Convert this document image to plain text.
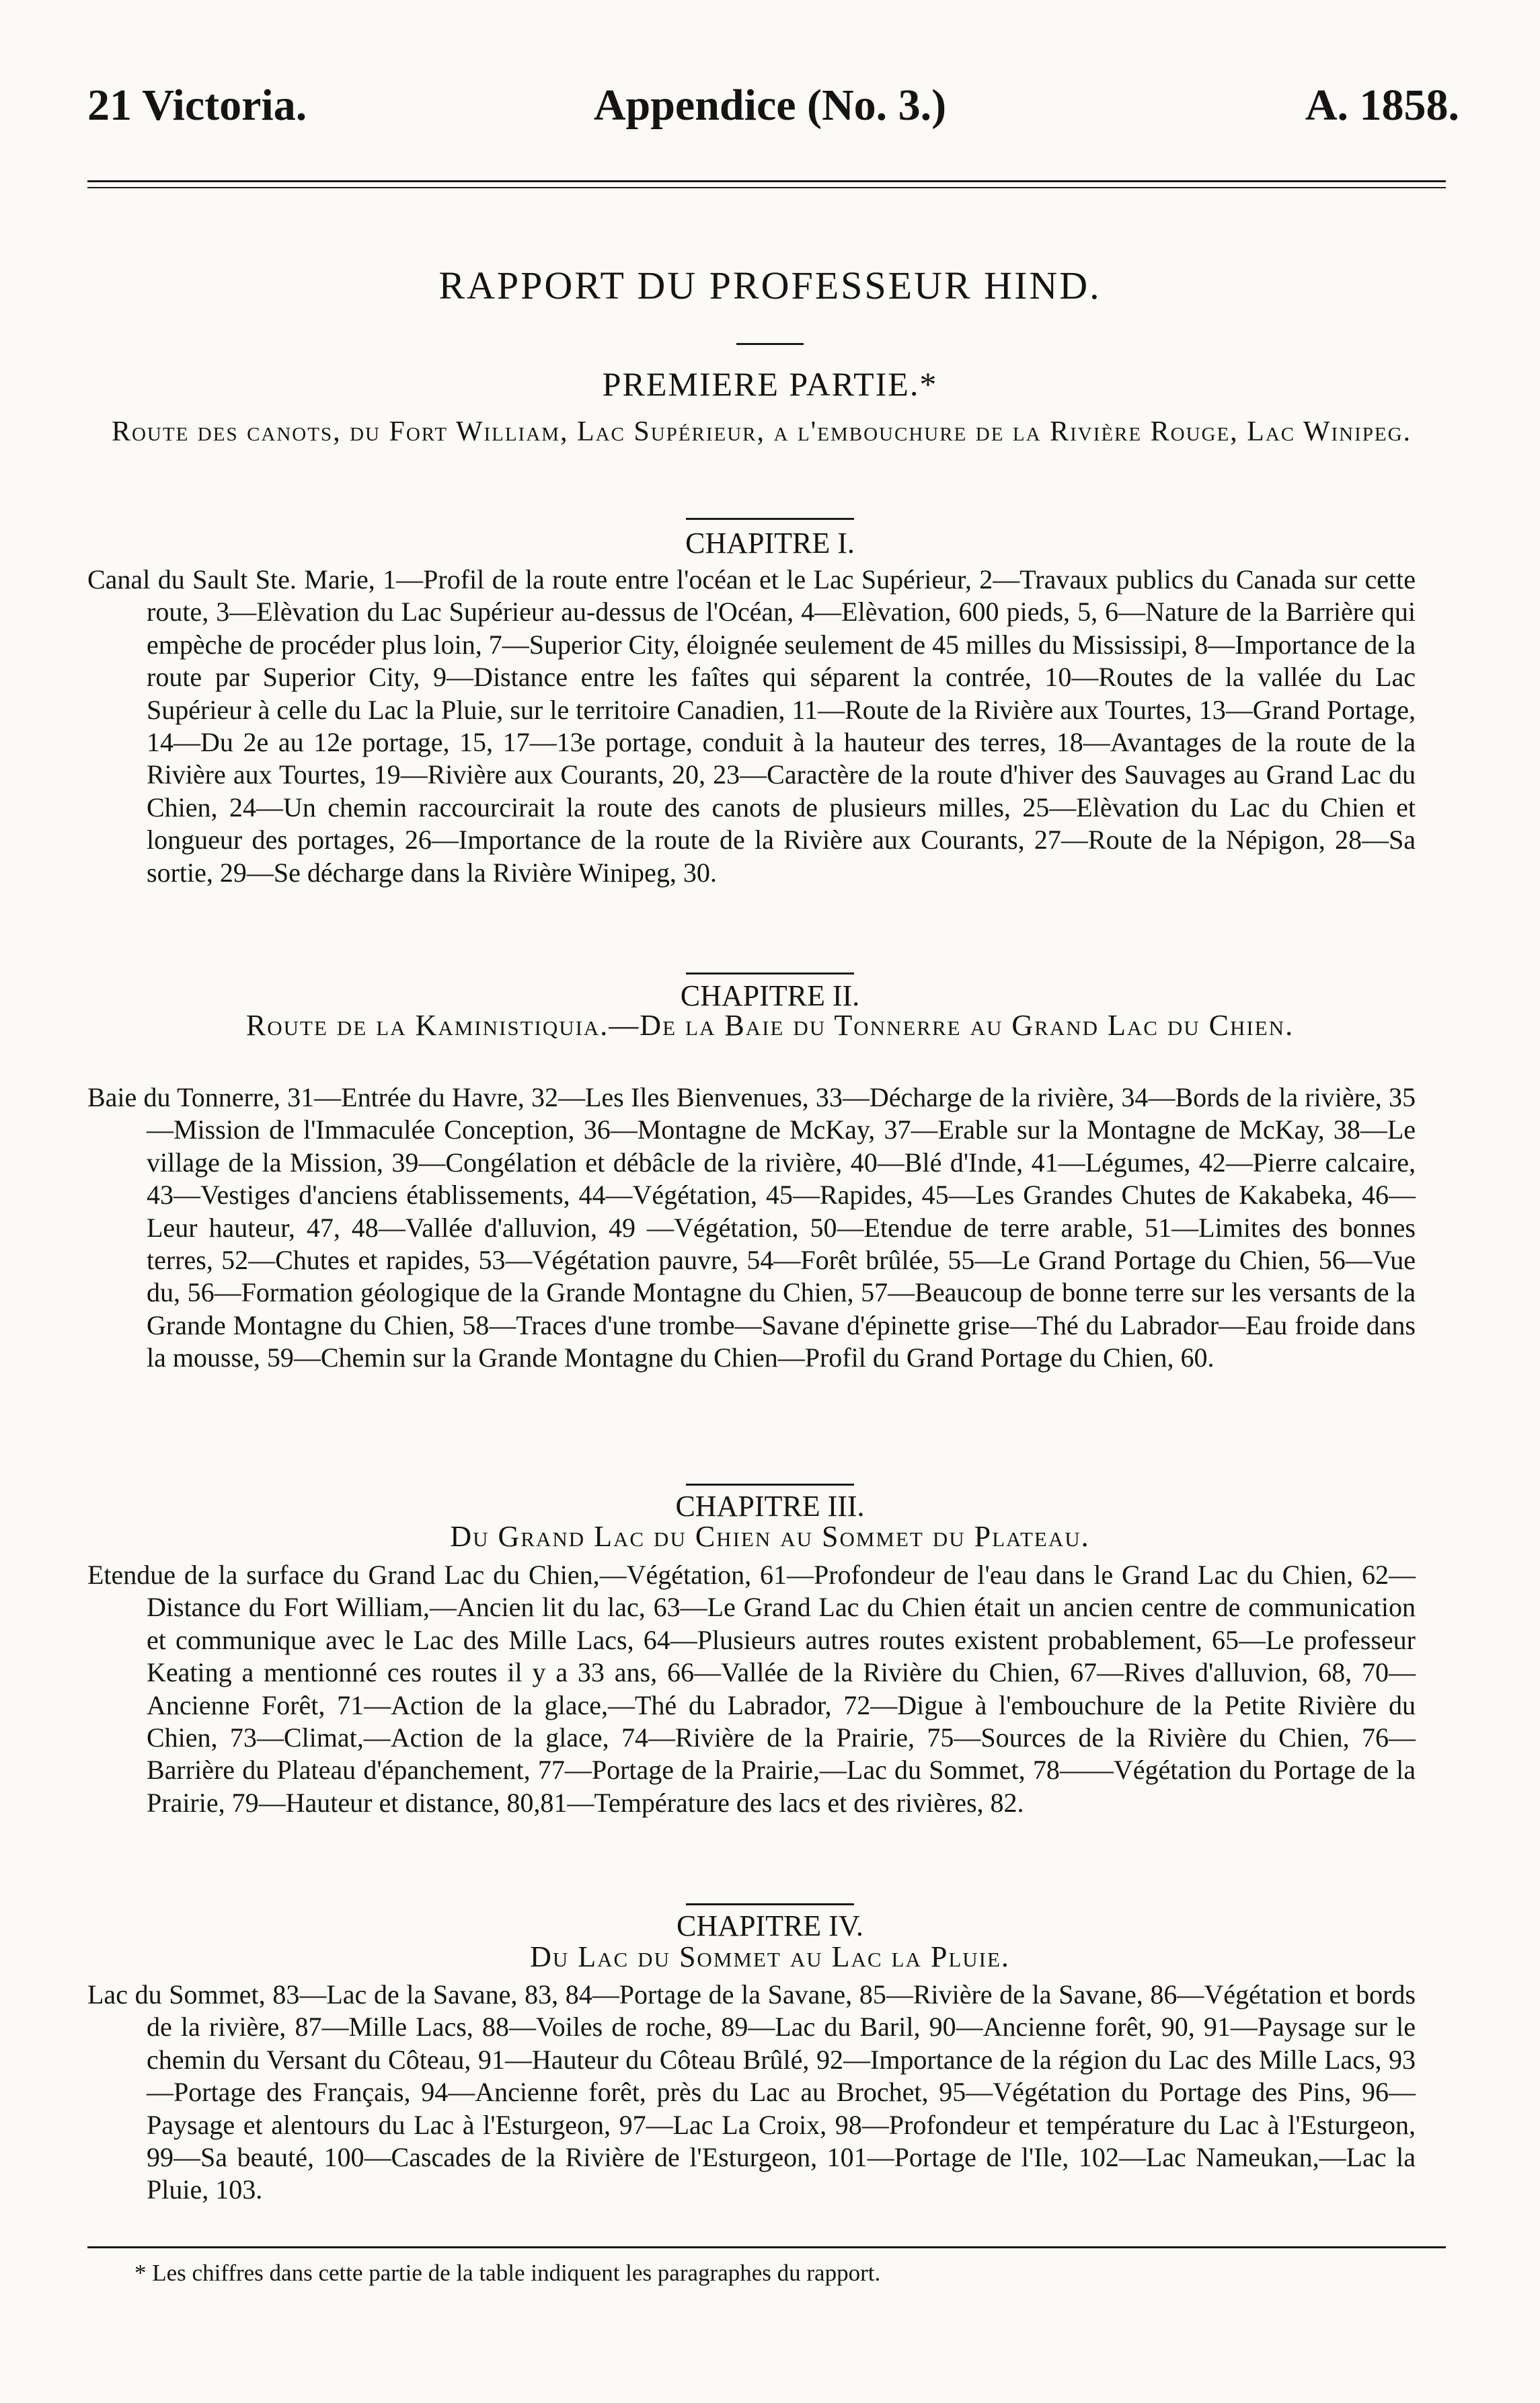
21 Victoria.	Appendice (No. 3.)	A. 1858.
RAPPORT DU PROFESSEUR HIND.
PREMIERE PARTIE.*
Route des canots, du Fort William, Lac Supérieur, a l'embouchure de la Rivière Rouge, Lac Winipeg.
CHAPITRE I.

Canal du Sault Ste. Marie, 1—Profil de la route entre l'océan et le Lac Supérieur, 2—Travaux publics du Canada sur cette route, 3—Elèvation du Lac Supérieur au-dessus de l'Océan, 4—Elèvation, 600 pieds, 5, 6—Nature de la Barrière qui empèche de procéder plus loin, 7—Superior City, éloignée seulement de 45 milles du Mississipi, 8—Importance de la route par Superior City, 9—Distance entre les faîtes qui séparent la contrée, 10—Routes de la vallée du Lac Supérieur à celle du Lac la Pluie, sur le territoire Canadien, 11—Route de la Rivière aux Tourtes, 13—Grand Portage, 14—Du 2e au 12e portage, 15, 17—13e portage, conduit à la hauteur des terres, 18—Avantages de la route de la Rivière aux Tourtes, 19—Rivière aux Courants, 20, 23—Caractère de la route d'hiver des Sauvages au Grand Lac du Chien, 24—Un chemin raccourcirait la route des canots de plusieurs milles, 25—Elèvation du Lac du Chien et longueur des portages, 26—Importance de la route de la Rivière aux Courants, 27—Route de la Népigon, 28—Sa sortie, 29—Se décharge dans la Rivière Winipeg, 30.

CHAPITRE II.
Route de la Kaministiquia.—De la Baie du Tonnerre au Grand Lac du Chien.

Baie du Tonnerre, 31—Entrée du Havre, 32—Les Iles Bienvenues, 33—Décharge de la rivière, 34—Bords de la rivière, 35—Mission de l'Immaculée Conception, 36—Montagne de McKay, 37—Erable sur la Montagne de McKay, 38—Le village de la Mission, 39—Congélation et débâcle de la rivière, 40—Blé d'Inde, 41—Légumes, 42—Pierre calcaire, 43—Vestiges d'anciens établissements, 44—Végétation, 45—Rapides, 45—Les Grandes Chutes de Kakabeka, 46—Leur hauteur, 47, 48—Vallée d'alluvion, 49 —Végétation, 50—Etendue de terre arable, 51—Limites des bonnes terres, 52—Chutes et rapides, 53—Végétation pauvre, 54—Forêt brûlée, 55—Le Grand Portage du Chien, 56—Vue du, 56—Formation géologique de la Grande Montagne du Chien, 57—Beaucoup de bonne terre sur les versants de la Grande Montagne du Chien, 58—Traces d'une trombe—Savane d'épinette grise—Thé du Labrador—Eau froide dans la mousse, 59—Chemin sur la Grande Montagne du Chien—Profil du Grand Portage du Chien, 60.

CHAPITRE III.
Du Grand Lac du Chien au Sommet du Plateau.

Etendue de la surface du Grand Lac du Chien,—Végétation, 61—Profondeur de l'eau dans le Grand Lac du Chien, 62—Distance du Fort William,—Ancien lit du lac, 63—Le Grand Lac du Chien était un ancien centre de communication et communique avec le Lac des Mille Lacs, 64—Plusieurs autres routes existent probablement, 65—Le professeur Keating a mentionné ces routes il y a 33 ans, 66—Vallée de la Rivière du Chien, 67—Rives d'alluvion, 68, 70—Ancienne Forêt, 71—Action de la glace,—Thé du Labrador, 72—Digue à l'embouchure de la Petite Rivière du Chien, 73—Climat,—Action de la glace, 74—Rivière de la Prairie, 75—Sources de la Rivière du Chien, 76—Barrière du Plateau d'épanchement, 77—Portage de la Prairie,—Lac du Sommet, 78——Végétation du Portage de la Prairie, 79—Hauteur et distance, 80,81—Température des lacs et des rivières, 82.

CHAPITRE IV.
Du Lac du Sommet au Lac la Pluie.

Lac du Sommet, 83—Lac de la Savane, 83, 84—Portage de la Savane, 85—Rivière de la Savane, 86—Végétation et bords de la rivière, 87—Mille Lacs, 88—Voiles de roche, 89—Lac du Baril, 90—Ancienne forêt, 90, 91—Paysage sur le chemin du Versant du Côteau, 91—Hauteur du Côteau Brûlé, 92—Importance de la région du Lac des Mille Lacs, 93—Portage des Français, 94—Ancienne forêt, près du Lac au Brochet, 95—Végétation du Portage des Pins, 96—Paysage et alentours du Lac à l'Esturgeon, 97—Lac La Croix, 98—Profondeur et température du Lac à l'Esturgeon, 99—Sa beauté, 100—Cascades de la Rivière de l'Esturgeon, 101—Portage de l'Ile, 102—Lac Nameukan,—Lac la Pluie, 103.

* Les chiffres dans cette partie de la table indiquent les paragraphes du rapport.
